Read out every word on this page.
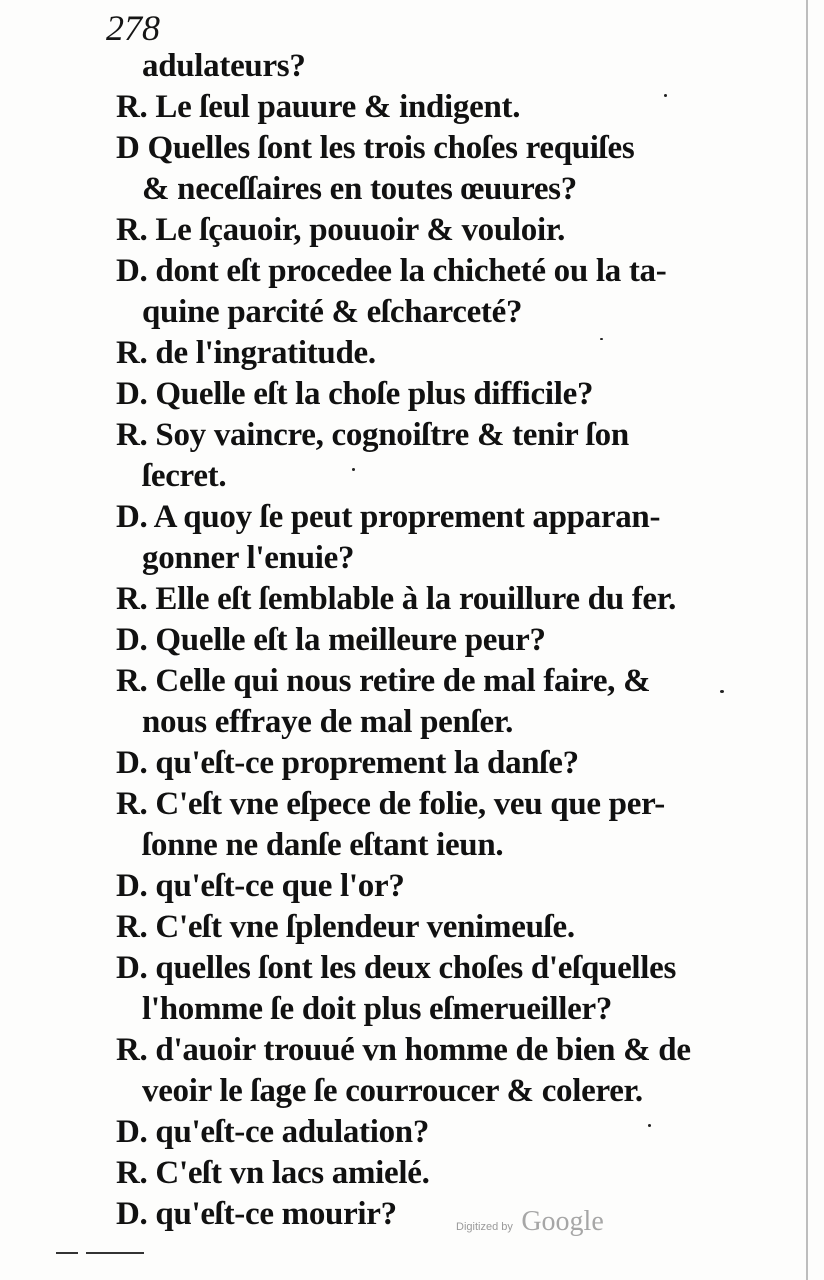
278
adulateurs?
R. Le ſeul pauure & indigent.
D Quelles ſont les trois choſes requiſes
& neceſſaires en toutes œuures?
R. Le ſçauoir, pouuoir & vouloir.
D. dont eſt procedee la chicheté ou la ta-
quine parcité & eſcharceté?
R. de l'ingratitude.
D. Quelle eſt la choſe plus difficile?
R. Soy vaincre, cognoiſtre & tenir ſon
ſecret.
D. A quoy ſe peut proprement apparan-
gonner l'enuie?
R. Elle eſt ſemblable à la rouillure du fer.
D. Quelle eſt la meilleure peur?
R. Celle qui nous retire de mal faire, &
nous effraye de mal penſer.
D. qu'eſt-ce proprement la danſe?
R. C'eſt vne eſpece de folie, veu que per-
ſonne ne danſe eſtant ieun.
D. qu'eſt-ce que l'or?
R. C'eſt vne ſplendeur venimeuſe.
D. quelles ſont les deux choſes d'eſquelles
l'homme ſe doit plus eſmerueiller?
R. d'auoir trouué vn homme de bien & de
veoir le ſage ſe courroucer & colerer.
D. qu'eſt-ce adulation?
R. C'eſt vn lacs amielé.
D. qu'eſt-ce mourir?	Digitized by Google
